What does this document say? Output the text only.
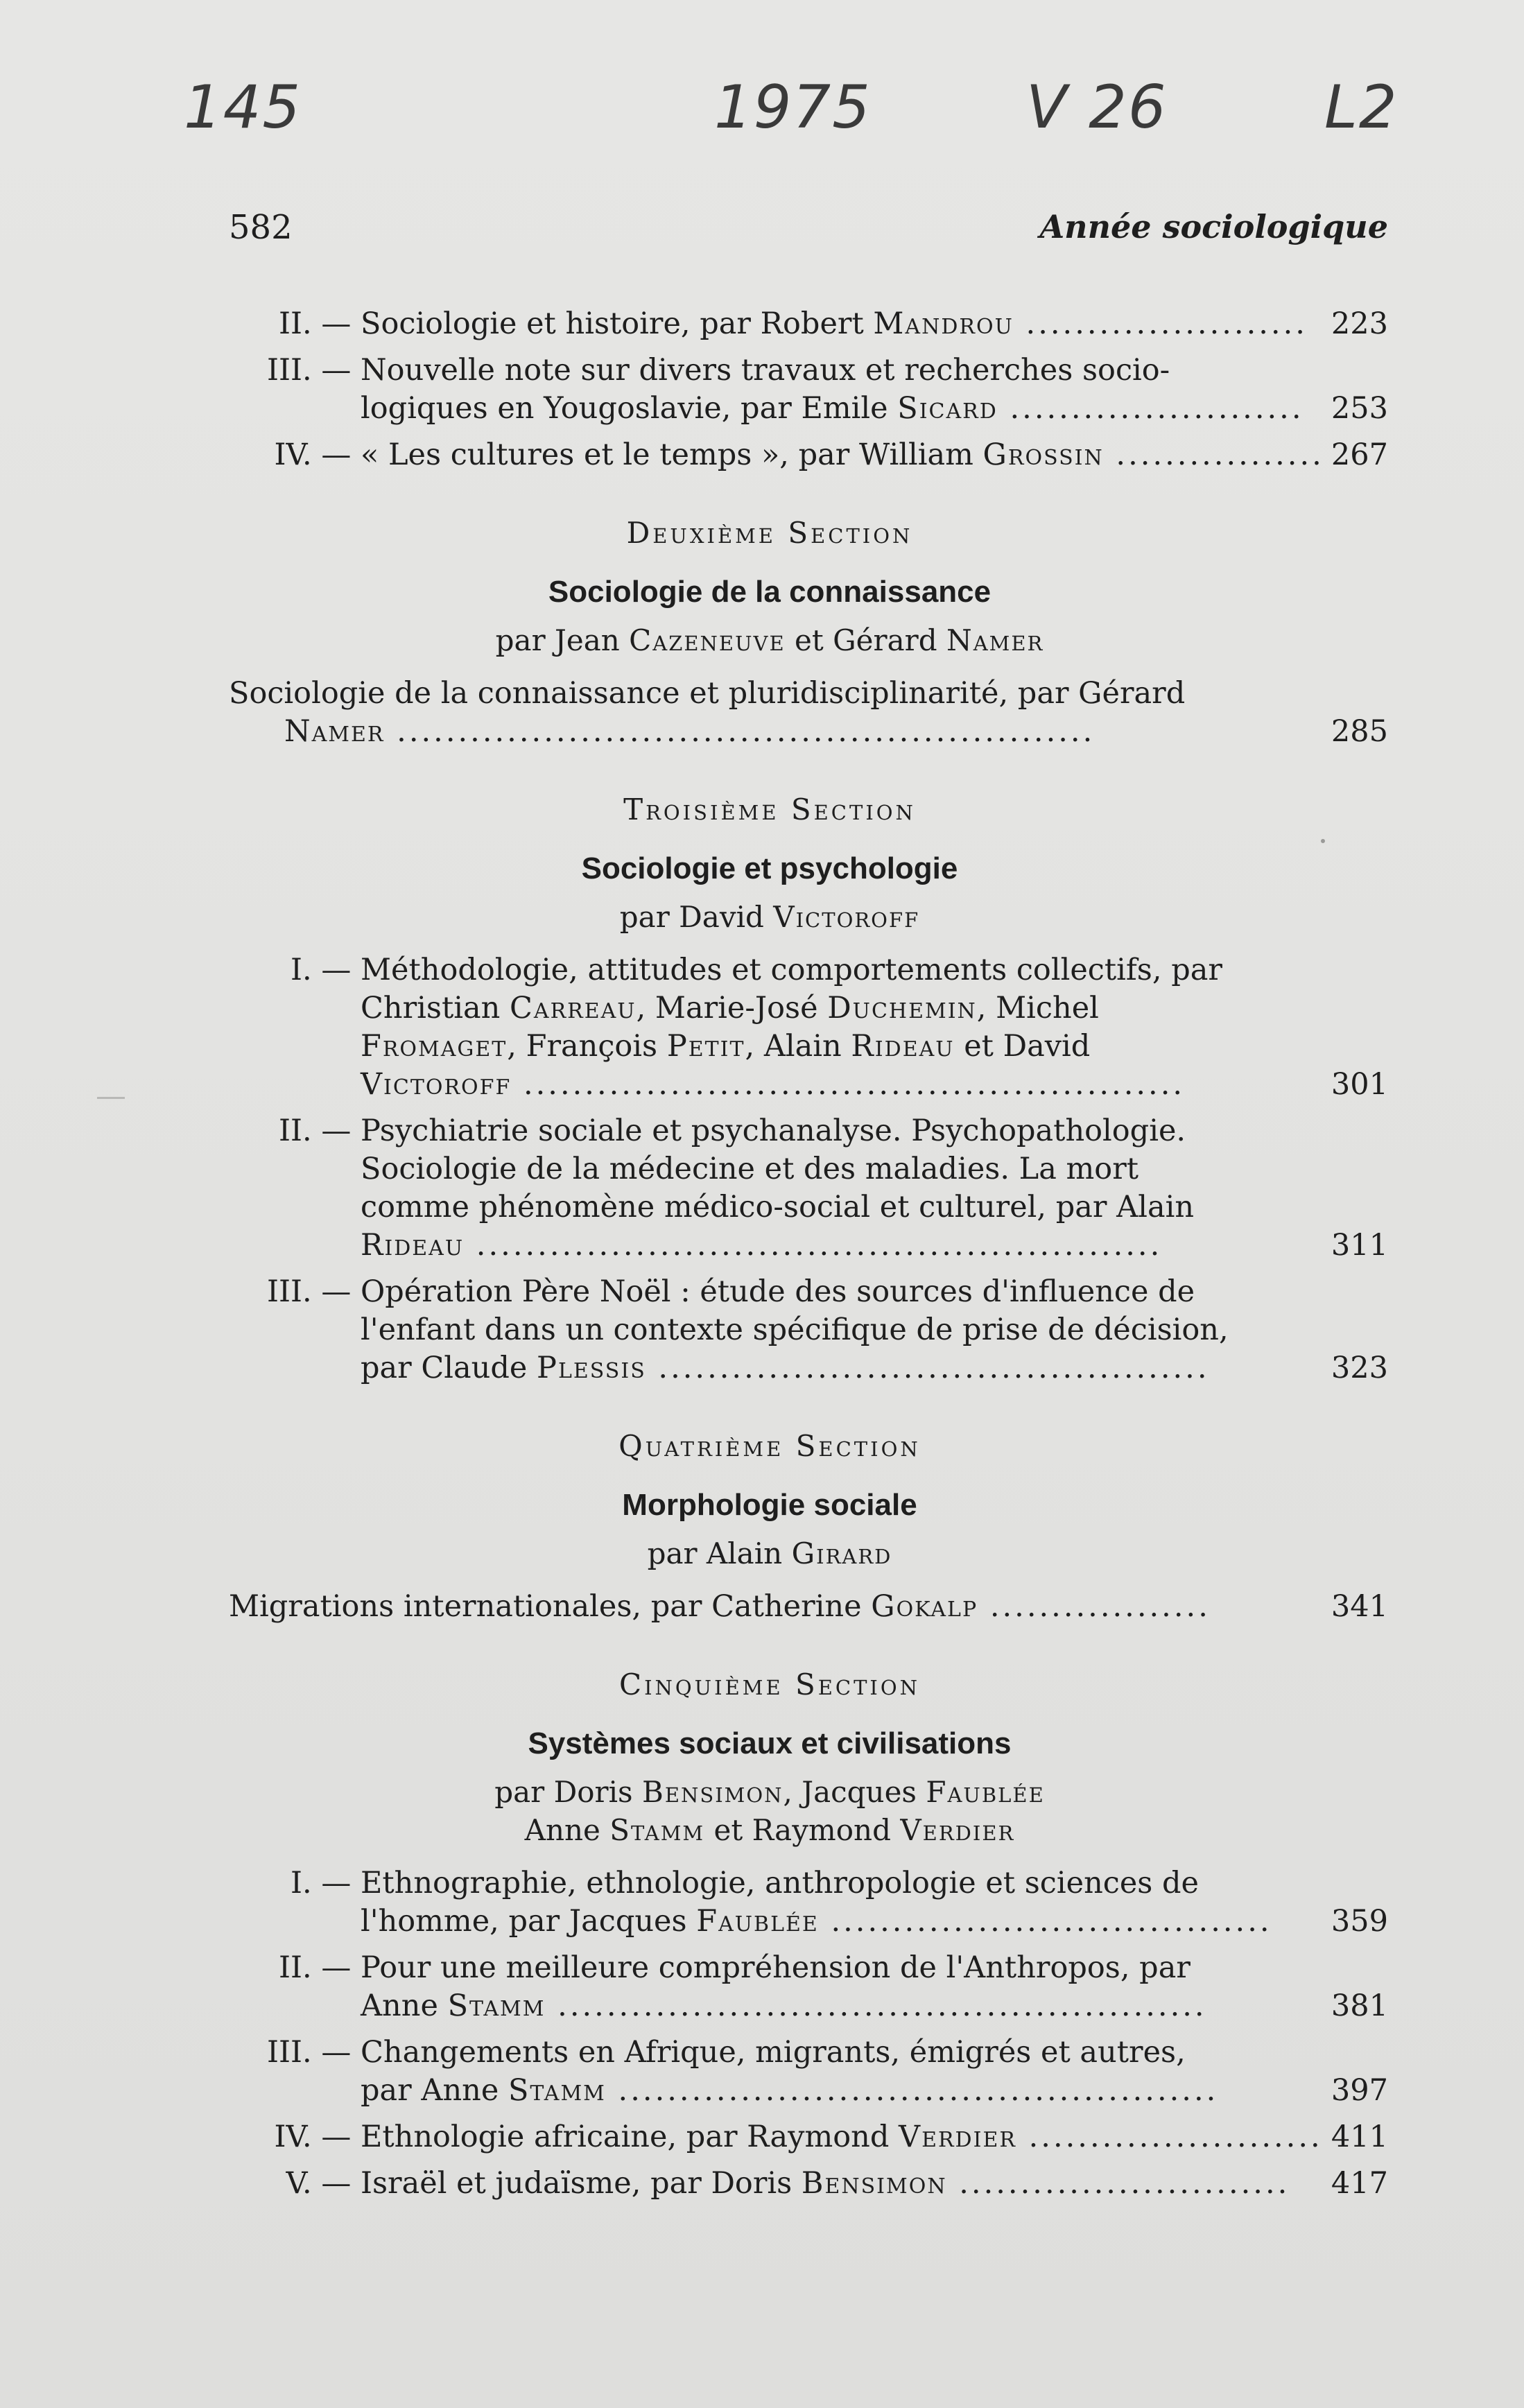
145	1975	V 26	L2
582	Année sociologique
II. — Sociologie et histoire, par Robert Mandrou ....................... 223
III. — Nouvelle note sur divers travaux et recherches socio-
logiques en Yougoslavie, par Emile Sicard ........................ 253
IV. — « Les cultures et le temps », par William Grossin ................. 267
Deuxième Section
Sociologie de la connaissance
par Jean Cazeneuve et Gérard Namer
Sociologie de la connaissance et pluridisciplinarité, par Gérard
Namer .........................................................	285
Troisième Section
Sociologie et psychologie
par David Victoroff
I. — Méthodologie, attitudes et comportements collectifs, par
Christian Carreau, Marie-José Duchemin, Michel
Fromaget, François Petit, Alain Rideau et David
Victoroff ......................................................	301
II. — Psychiatrie sociale et psychanalyse. Psychopathologie.
Sociologie de la médecine et des maladies. La mort
comme phénomène médico-social et culturel, par Alain
Rideau ........................................................	311
III. — Opération Père Noël : étude des sources d'influence de
l'enfant dans un contexte spécifique de prise de décision,
par Claude Plessis .............................................	323
Quatrième Section
Morphologie sociale
par Alain Girard
Migrations internationales, par Catherine Gokalp ..................	341
Cinquième Section
Systèmes sociaux et civilisations
par Doris Bensimon, Jacques Faublée
Anne Stamm et Raymond Verdier
I. — Ethnographie, ethnologie, anthropologie et sciences de
l'homme, par Jacques Faublée ....................................	359
II. — Pour une meilleure compréhension de l'Anthropos, par
Anne Stamm .....................................................	381
III. — Changements en Afrique, migrants, émigrés et autres,
par Anne Stamm .................................................	397
IV. — Ethnologie africaine, par Raymond Verdier ........................ 411
V. — Israël et judaïsme, par Doris Bensimon ...........................	417
